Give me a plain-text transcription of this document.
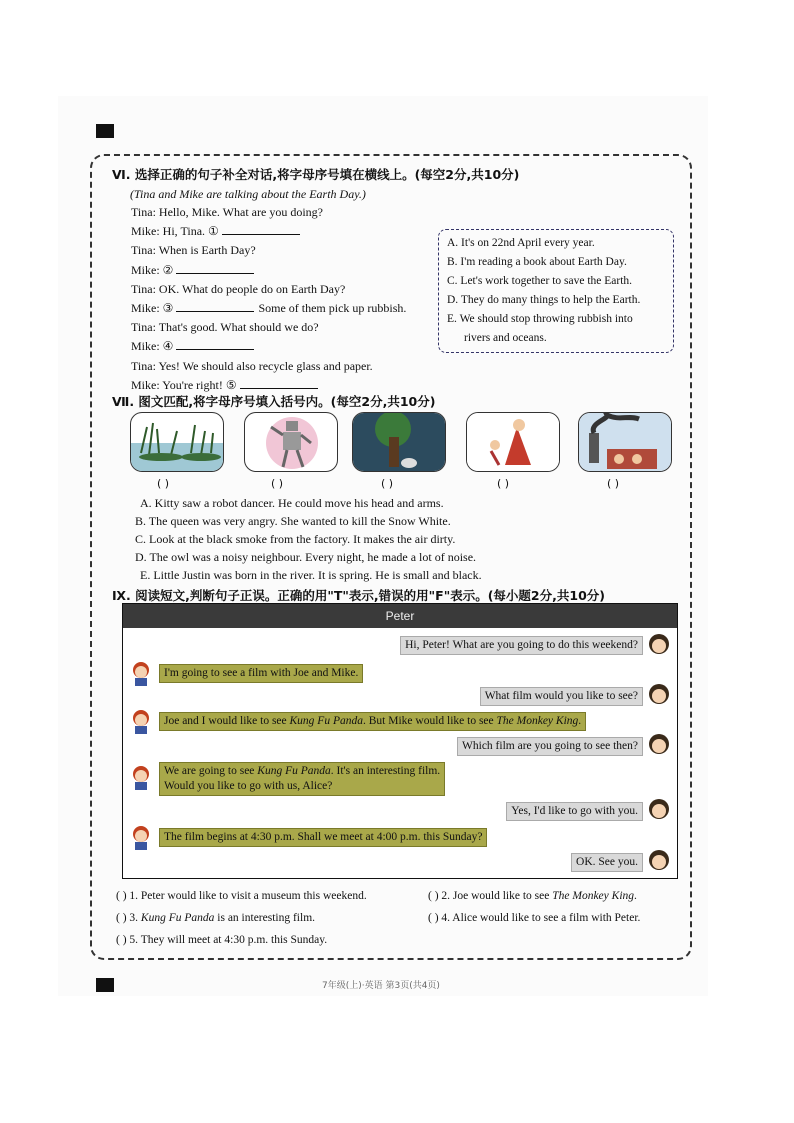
Ⅵ. 选择正确的句子补全对话,将字母序号填在横线上。(每空2分,共10分)
(Tina and Mike are talking about the Earth Day.)
Tina: Hello, Mike. What are you doing?
Mike: Hi, Tina. ①
Tina: When is Earth Day?
Mike: ②
Tina: OK. What do people do on Earth Day?
Mike: ③	Some of them pick up rubbish.
Tina: That's good. What should we do?
Mike: ④
Tina: Yes! We should also recycle glass and paper.
Mike: You're right! ⑤
A. It's on 22nd April every year.
B. I'm reading a book about Earth Day.
C. Let's work together to save the Earth.
D. They do many things to help the Earth.
E. We should stop throwing rubbish into
rivers and oceans.
Ⅶ. 图文匹配,将字母序号填入括号内。(每空2分,共10分)
( )	( )	( )	( )	( )
A. Kitty saw a robot dancer. He could move his head and arms.
B. The queen was very angry. She wanted to kill the Snow White.
C. Look at the black smoke from the factory. It makes the air dirty.
D. The owl was a noisy neighbour. Every night, he made a lot of noise.
E. Little Justin was born in the river. It is spring. He is small and black.
Ⅸ. 阅读短文,判断句子正误。正确的用"T"表示,错误的用"F"表示。(每小题2分,共10分)
Peter
Hi, Peter! What are you going to do this weekend?
I'm going to see a film with Joe and Mike.
What film would you like to see?
Joe and I would like to see Kung Fu Panda. But Mike would like to see The Monkey King.
Which film are you going to see then?
We are going to see Kung Fu Panda. It's an interesting film.
Would you like to go with us, Alice?
Yes, I'd like to go with you.
The film begins at 4:30 p.m. Shall we meet at 4:00 p.m. this Sunday?
OK. See you.
( ) 1. Peter would like to visit a museum this weekend.	( ) 2. Joe would like to see The Monkey King.
( ) 3. Kung Fu Panda is an interesting film.	( ) 4. Alice would like to see a film with Peter.
( ) 5. They will meet at 4:30 p.m. this Sunday.
7年级(上)·英语 第3页(共4页)
